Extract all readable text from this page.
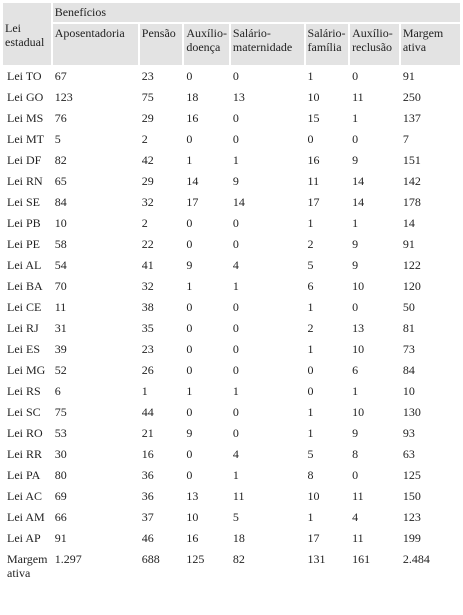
Lei estadual	Benefícios						
	Aposentadoria	Pensão	Auxílio-doença	Salário-maternidade	Salário-família	Auxílio-reclusão	Margem ativa
Lei TO	67	23	0	0	1	0	91
Lei GO	123	75	18	13	10	11	250
Lei MS	76	29	16	0	15	1	137
Lei MT	5	2	0	0	0	0	7
Lei DF	82	42	1	1	16	9	151
Lei RN	65	29	14	9	11	14	142
Lei SE	84	32	17	14	17	14	178
Lei PB	10	2	0	0	1	1	14
Lei PE	58	22	0	0	2	9	91
Lei AL	54	41	9	4	5	9	122
Lei BA	70	32	1	1	6	10	120
Lei CE	11	38	0	0	1	0	50
Lei RJ	31	35	0	0	2	13	81
Lei ES	39	23	0	0	1	10	73
Lei MG	52	26	0	0	0	6	84
Lei RS	6	1	1	1	0	1	10
Lei SC	75	44	0	0	1	10	130
Lei RO	53	21	9	0	1	9	93
Lei RR	30	16	0	4	5	8	63
Lei PA	80	36	0	1	8	0	125
Lei AC	69	36	13	11	10	11	150
Lei AM	66	37	10	5	1	4	123
Lei AP	91	46	16	18	17	11	199
Margem ativa	1.297	688	125	82	131	161	2.484
